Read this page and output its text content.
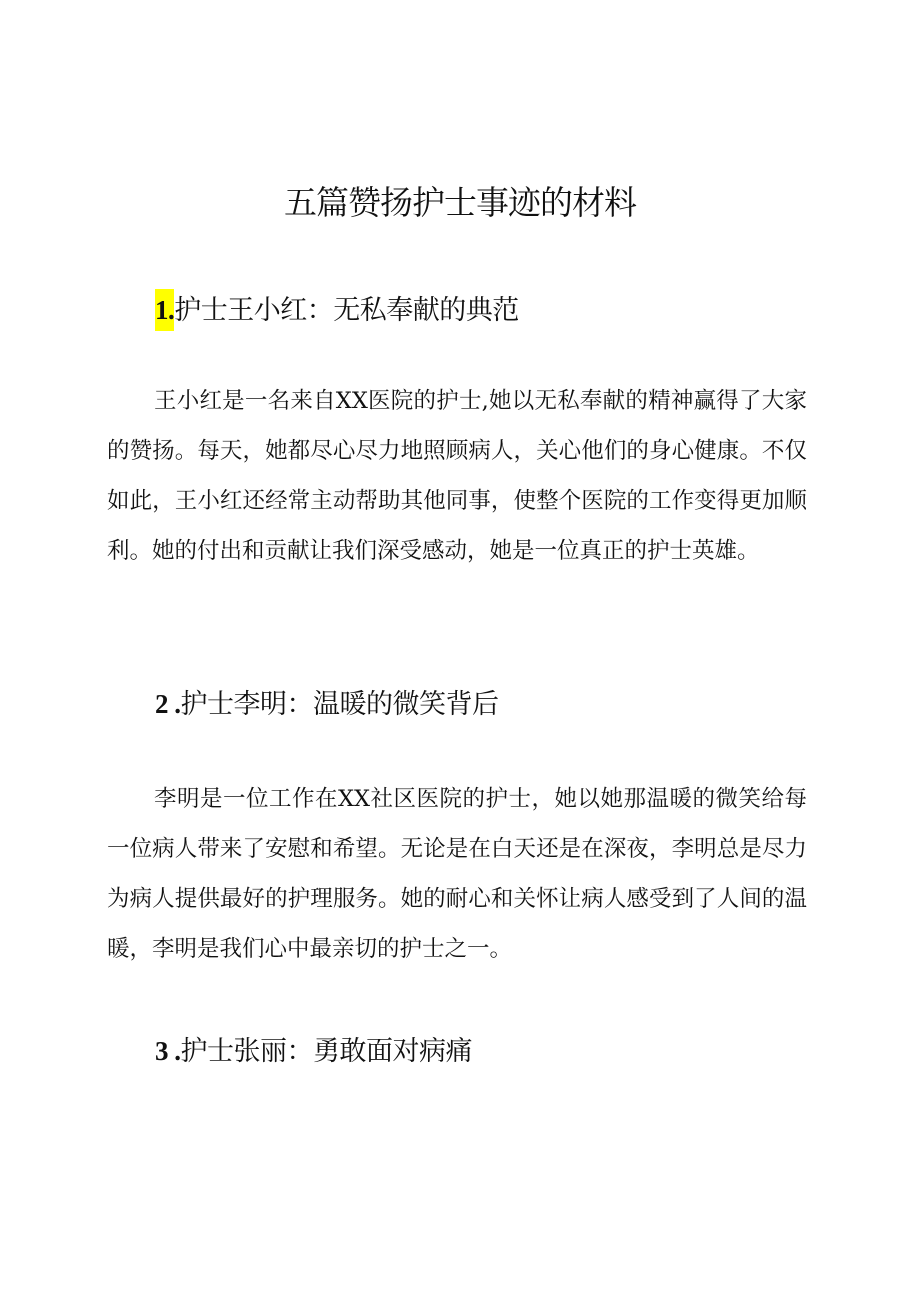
五篇赞扬护士事迹的材料
1.护士王小红：无私奉献的典范

王小红是一名来自XX医院的护士,她以无私奉献的精神赢得了大家的赞扬。每天，她都尽心尽力地照顾病人，关心他们的身心健康。不仅如此，王小红还经常主动帮助其他同事，使整个医院的工作变得更加顺利。她的付出和贡献让我们深受感动，她是一位真正的护士英雄。

2 .护士李明：温暖的微笑背后

李明是一位工作在XX社区医院的护士，她以她那温暖的微笑给每一位病人带来了安慰和希望。无论是在白天还是在深夜，李明总是尽力为病人提供最好的护理服务。她的耐心和关怀让病人感受到了人间的温暖，李明是我们心中最亲切的护士之一。

3 .护士张丽：勇敢面对病痛
